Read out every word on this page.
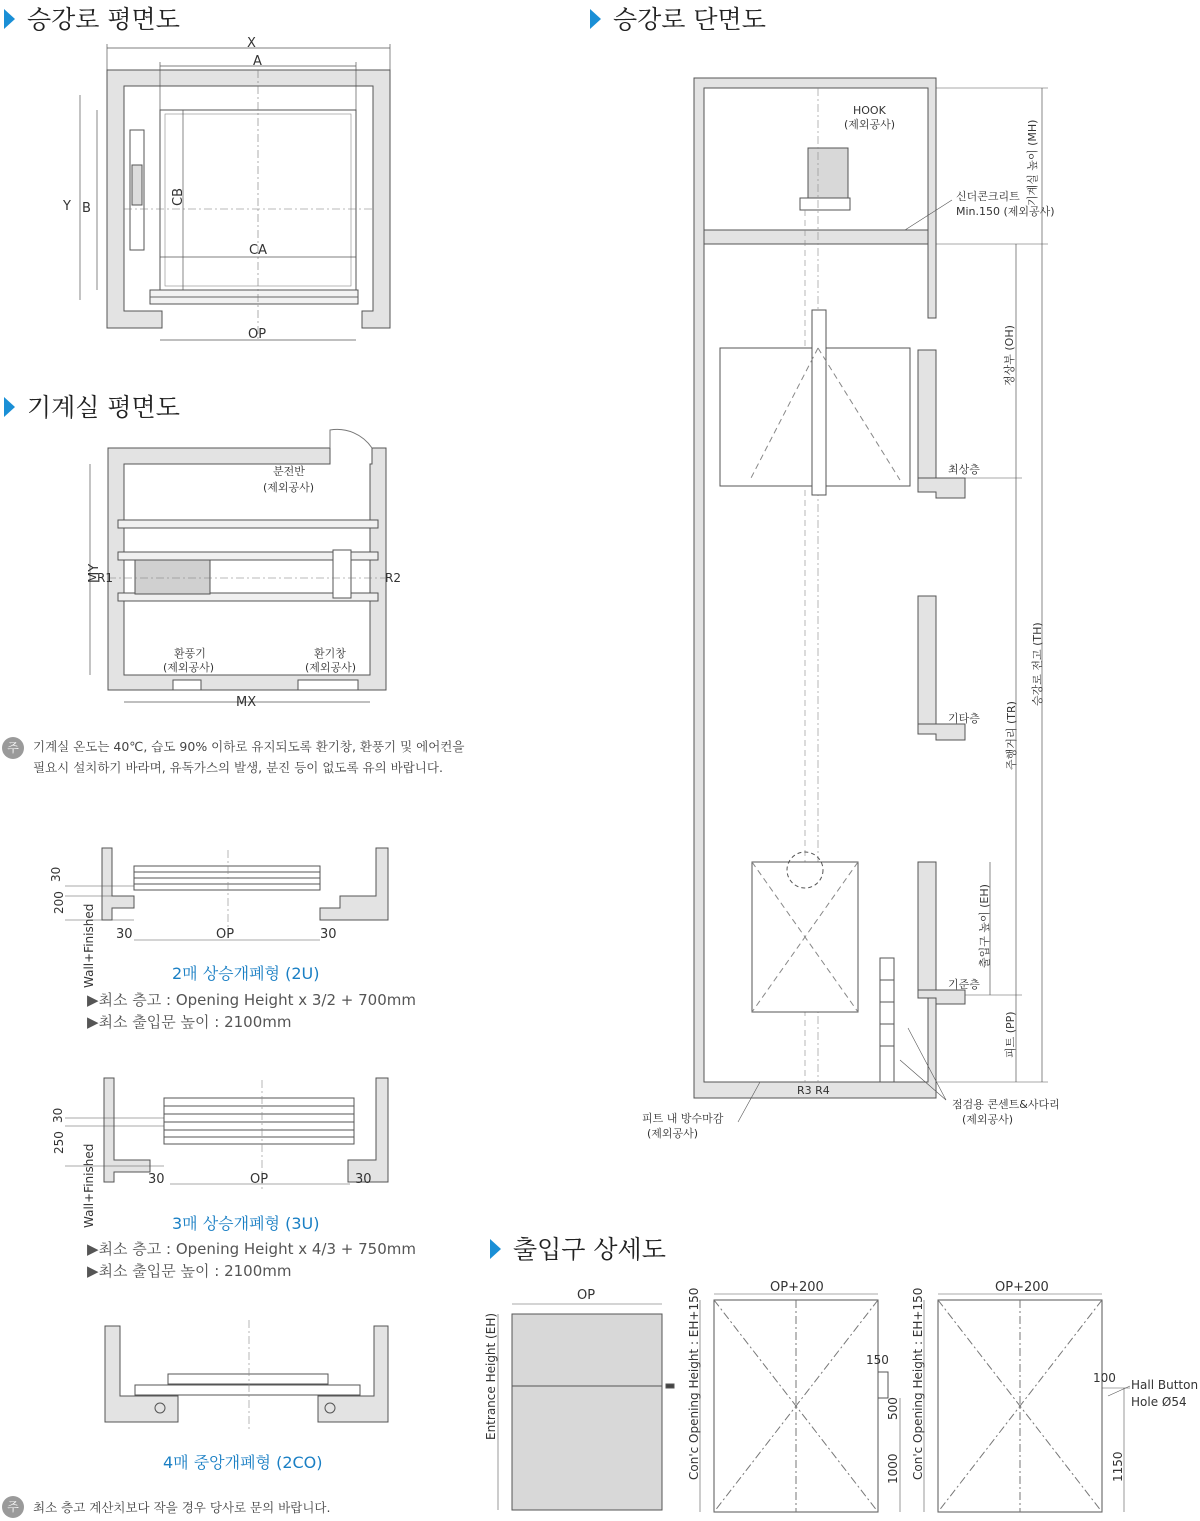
승강로 평면도	승강로 단면도
기계실 평면도
출입구 상세도
주	기계실 온도는 40℃, 습도 90% 이하로 유지되도록 환기창, 환풍기 및 에어컨을
필요시 설치하기 바라며, 유독가스의 발생, 분진 등이 없도록 유의 바랍니다.
주	최소 층고 계산치보다 작을 경우 당사로 문의 바랍니다.
2매 상승개폐형 (2U)
▶최소 층고 : Opening Height x 3/2 + 700mm
▶최소 출입문 높이 : 2100mm
3매 상승개폐형 (3U)
▶최소 층고 : Opening Height x 4/3 + 750mm
▶최소 출입문 높이 : 2100mm
4매 중앙개폐형 (2CO)
X
A
Y B
CB
CA
OP
분전반
(제외공사)
MY
R1	R2
환풍기
(제외공사)
환기창
(제외공사)
MX
Wall+Finished
30
200
30	OP	30
Wall+Finished
30
250
30	OP	30
HOOK
(제외공사)
신더콘크리트
Min.150 (제외공사)
기계실 높이 (MH)
정상부 (OH)
승강로 전고 (TH)
주행거리 (TR)
출입구 높이 (EH)
피트 (PP)
최상층
기타층
기준층
R3 R4
피트 내 방수마감
(제외공사)
점검용 콘센트&사다리
(제외공사)
OP
Entrance Height (EH)	Con'c Opening Height : EH+150
OP+200
150
500
1000 Con'c Opening Height : EH+150
OP+200
100 Hall Button
Hole Ø54
1150
